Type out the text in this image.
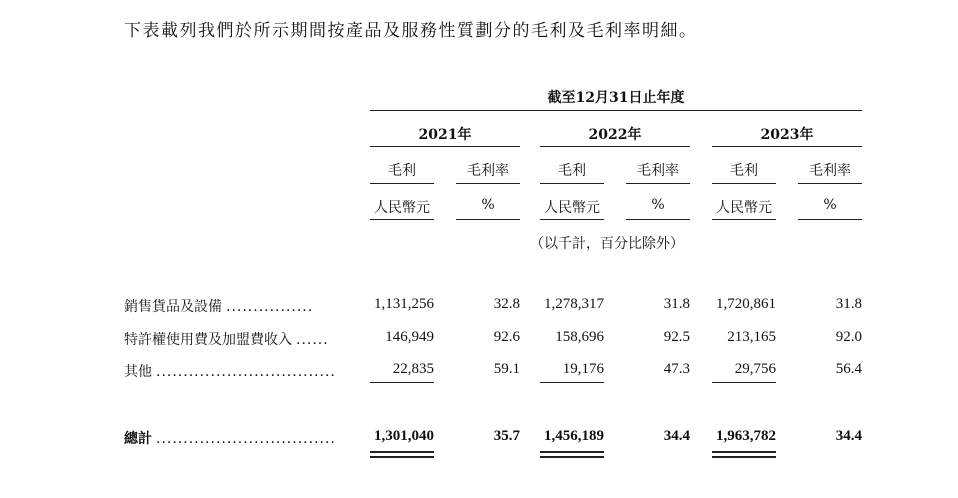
下表載列我們於所示期間按產品及服務性質劃分的毛利及毛利率明細。
截至12月31日止年度
2021年	2022年	2023年
毛利	毛利率	毛利	毛利率	毛利	毛利率
人民幣元	%	人民幣元	%	人民幣元	%
（以千計，百分比除外）
銷售貨品及設備 ................	1,131,256	32.8	1,278,317	31.8	1,720,861	31.8
特許權使用費及加盟費收入 ......	146,949	92.6	158,696	92.5	213,165	92.0
其他 .................................	22,835	59.1	19,176	47.3	29,756	56.4
總計 .................................	1,301,040	35.7	1,456,189	34.4	1,963,782	34.4
